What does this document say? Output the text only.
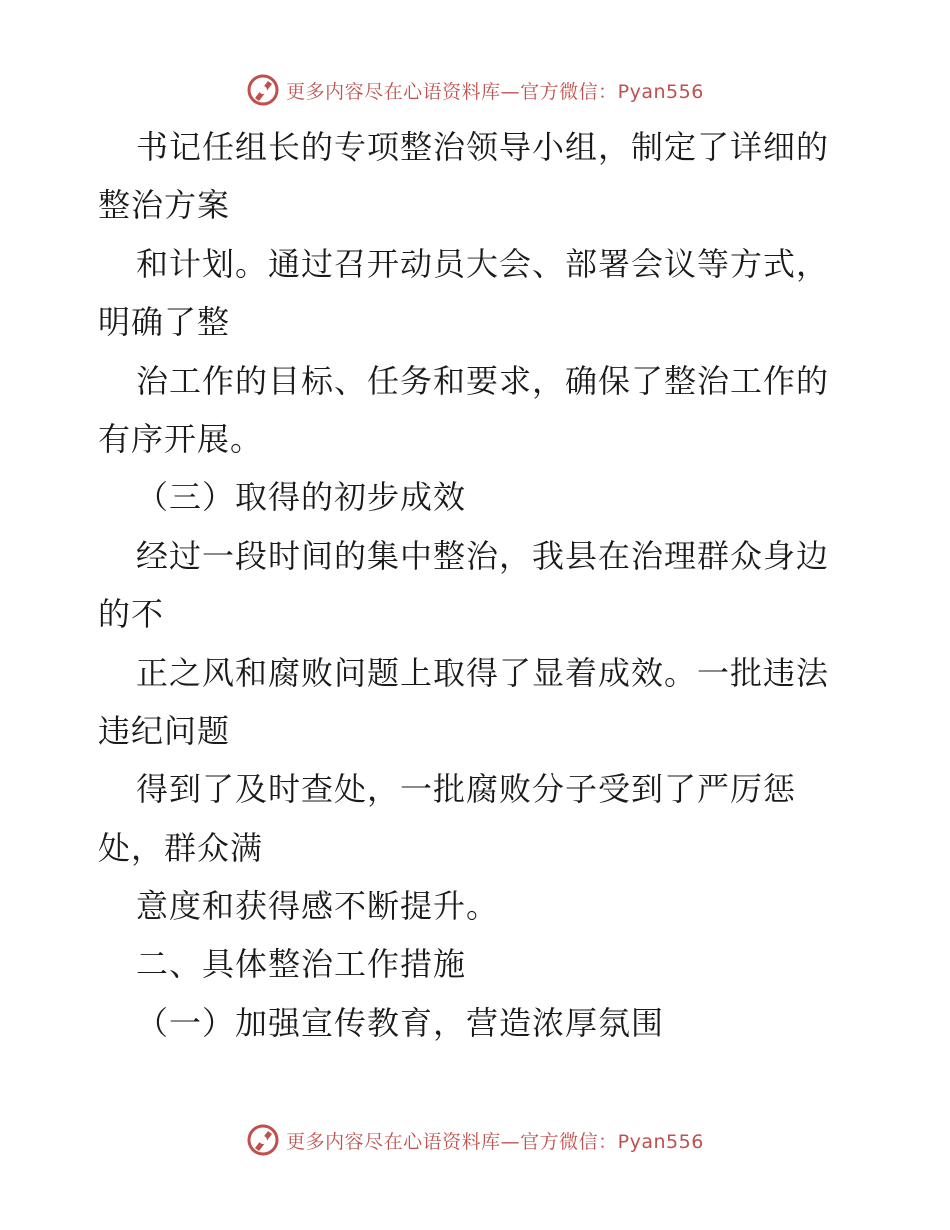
更多内容尽在心语资料库—官方微信：Pyan556
书记任组长的专项整治领导小组，制定了详细的
整治方案
和计划。通过召开动员大会、部署会议等方式，
明确了整
治工作的目标、任务和要求，确保了整治工作的
有序开展。
（三）取得的初步成效
经过一段时间的集中整治，我县在治理群众身边
的不
正之风和腐败问题上取得了显着成效。一批违法
违纪问题
得到了及时查处，一批腐败分子受到了严厉惩
处，群众满
意度和获得感不断提升。
二、具体整治工作措施
（一）加强宣传教育，营造浓厚氛围
更多内容尽在心语资料库—官方微信：Pyan556
